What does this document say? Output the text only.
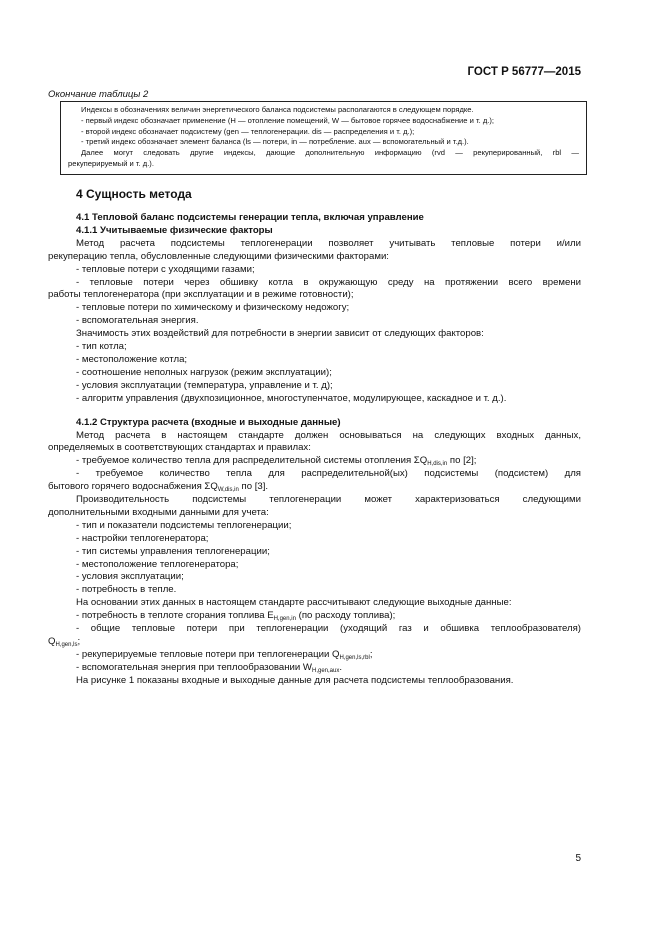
ГОСТ Р 56777—2015
Окончание таблицы 2

Индексы в обозначениях величин энергетического баланса подсистемы располагаются в следующем порядке.

- первый индекс обозначает применение (H — отопление помещений, W — бытовое горячее водоснабжение и т. д.);

- второй индекс обозначает подсистему (gen — теплогенерации. dis — распределения и т. д.);

- третий индекс обозначает элемент баланса (ls — потери, in — потребление. aux — вспомогательный и т.д.).

Далее могут следовать другие индексы, дающие дополнительную информацию (rvd — рекуперированный, rbl —

рекуперируемый и т. д.).

4 Сущность метода

4.1 Тепловой баланс подсистемы генерации тепла, включая управление

4.1.1 Учитываемые физические факторы

Метод расчета подсистемы теплогенерации позволяет учитывать тепловые потери и/или

рекуперацию тепла, обусловленные следующими физическими факторами:

- тепловые потери с уходящими газами;

- тепловые потери через обшивку котла в окружающую среду на протяжении всего времени

работы теплогенератора (при эксплуатации и в режиме готовности);

- тепловые потери по химическому и физическому недожогу;

- вспомогательная энергия.

Значимость этих воздействий для потребности в энергии зависит от следующих факторов:

- тип котла;

- местоположение котла;

- соотношение неполных нагрузок (режим эксплуатации);

- условия эксплуатации (температура, управление и т. д);

- алгоритм управления (двухпозиционное, многоступенчатое, модулирующее, каскадное и т. д.).

4.1.2 Структура расчета (входные и выходные данные)

Метод расчета в настоящем стандарте должен основываться на следующих входных данных,

определяемых в соответствующих стандартах и правилах:

- требуемое количество тепла для распределительной системы отопления $\Sigma Q_{H,dis,in}$ по [2];

- требуемое количество тепла для распределительной(ых) подсистемы (подсистем) для

бытового горячего водоснабжения $\Sigma Q_{W,dis,in}$ по [3].

Производительность подсистемы теплогенерации может характеризоваться следующими

дополнительными входными данными для учета:

- тип и показатели подсистемы теплогенерации;

- настройки теплогенератора;

- тип системы управления теплогенерации;

- местоположение теплогенератора;

- условия эксплуатации;

- потребность в тепле.

На основании этих данных в настоящем стандарте рассчитывают следующие выходные данные:

- потребность в теплоте сгорания топлива $E_{H,gen,in}$ (по расходу топлива);

- общие тепловые потери при теплогенерации (уходящий газ и обшивка теплообразователя)

$Q_{H,gen,ls}$;

- рекуперируемые тепловые потери при теплогенерации $Q_{H,gen,ls,rbl}$;

- вспомогательная энергия при теплообразовании $W_{H,gen,aux}$.

На рисунке 1 показаны входные и выходные данные для расчета подсистемы теплообразования.

5
